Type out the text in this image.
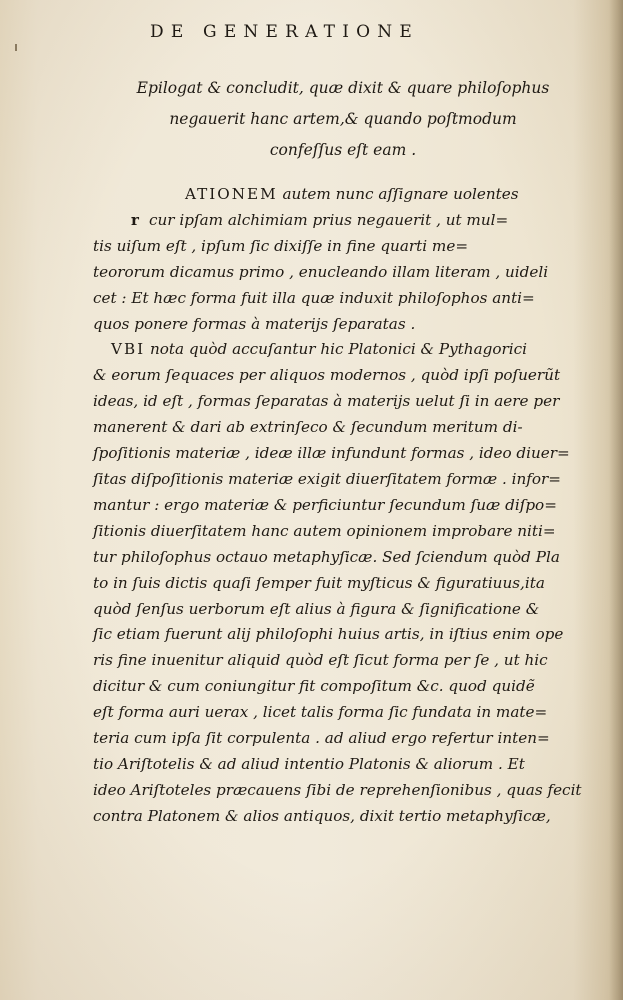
DE GENERATIONE
Epilogat & concludit, quæ dixit & quare philoſophus
negauerit hanc artem,& quando poſtmodum
confeſſus eſt eam .
ATIONEM autem nunc aſſignare uolentes
r cur ipſam alchimiam prius negauerit , ut mul=
tis uiſum eſt , ipſum ſic dixiſſe in fine quarti me=
teororum dicamus primo , enucleando illam literam , uideli
cet : Et hæc forma fuit illa quæ induxit philoſophos anti=
quos ponere formas à materijs ſeparatas .
VBI nota quòd accuſantur hic Platonici & Pythagorici
& eorum ſequaces per aliquos modernos , quòd ipſi poſuerũt
ideas, id eſt , formas ſeparatas à materijs uelut ſi in aere per
manerent & dari ab extrinſeco & ſecundum meritum di-
ſpoſitionis materiæ , ideæ illæ infundunt formas , ideo diuer=
ſitas diſpoſitionis materiæ exigit diuerſitatem formæ . infor=
mantur : ergo materiæ & perficiuntur ſecundum ſuæ diſpo=
ſitionis diuerſitatem hanc autem opinionem improbare niti=
tur philoſophus octauo metaphyſicæ. Sed ſciendum quòd Pla
to in ſuis dictis quaſi ſemper fuit myſticus & figuratiuus,ita
quòd ſenſus uerborum eſt alius à figura & ſignificatione &
ſic etiam fuerunt alij philoſophi huius artis, in iſtius enim ope
ris fine inuenitur aliquid quòd eſt ſicut forma per ſe , ut hic
dicitur & cum coniungitur fit compoſitum &c. quod quidẽ
eſt forma auri uerax , licet talis forma ſic fundata in mate=
teria cum ipſa ſit corpulenta . ad aliud ergo refertur inten=
tio Ariſtotelis & ad aliud intentio Platonis & aliorum . Et
ideo Ariſtoteles præcauens ſibi de reprehenſionibus , quas fecit
contra Platonem & alios antiquos, dixit tertio metaphyſicæ,
